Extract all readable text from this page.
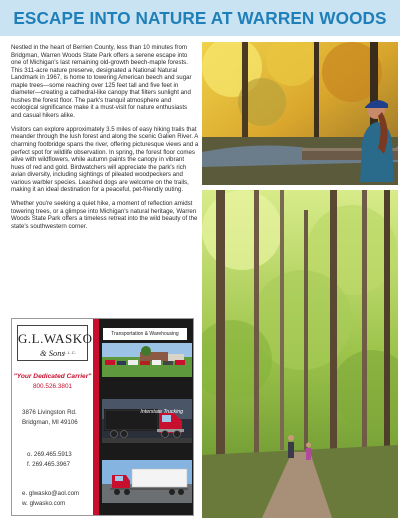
ESCAPE INTO NATURE AT WARREN WOODS

Nestled in the heart of Berrien County, less than 10 minutes from Bridgman, Warren Woods State Park offers a serene escape into one of Michigan's last remaining old-growth beech-maple forests. This 311-acre nature preserve, designated a National Natural Landmark in 1967, is home to towering American beech and sugar maple trees—some reaching over 125 feet tall and five feet in diameter—creating a cathedral-like canopy that filters sunlight and hushes the forest floor. The park's tranquil atmosphere and ecological significance make it a must-visit for nature enthusiasts and casual hikers alike.

Visitors can explore approximately 3.5 miles of easy hiking trails that meander through the lush forest and along the scenic Galien River. A charming footbridge spans the river, offering picturesque views and a perfect spot for wildlife observation. In spring, the forest floor comes alive with wildflowers, while autumn paints the canopy in vibrant hues of red and gold. Birdwatchers will appreciate the park's rich avian diversity, including sightings of pileated woodpeckers and various warbler species. Leashed dogs are welcome on the trails, making it an ideal destination for a peaceful, pet-friendly outing.

Whether you're seeking a quiet hike, a moment of reflection amidst towering trees, or a glimpse into Michigan's natural heritage, Warren Woods State Park offers a timeless retreat into the wild beauty of the state's southwestern corner.

G.L.WASKO
& Sons L.L.C.
"Your Dedicated Carrier"
800.526.3801
3876 Livingston Rd.
Bridgman, MI 49106
o. 269.465.5913
f. 269.465.3967
e. glwasko@aol.com
w. glwasko.com
Transportation & Warehousing
Interstate Trucking
